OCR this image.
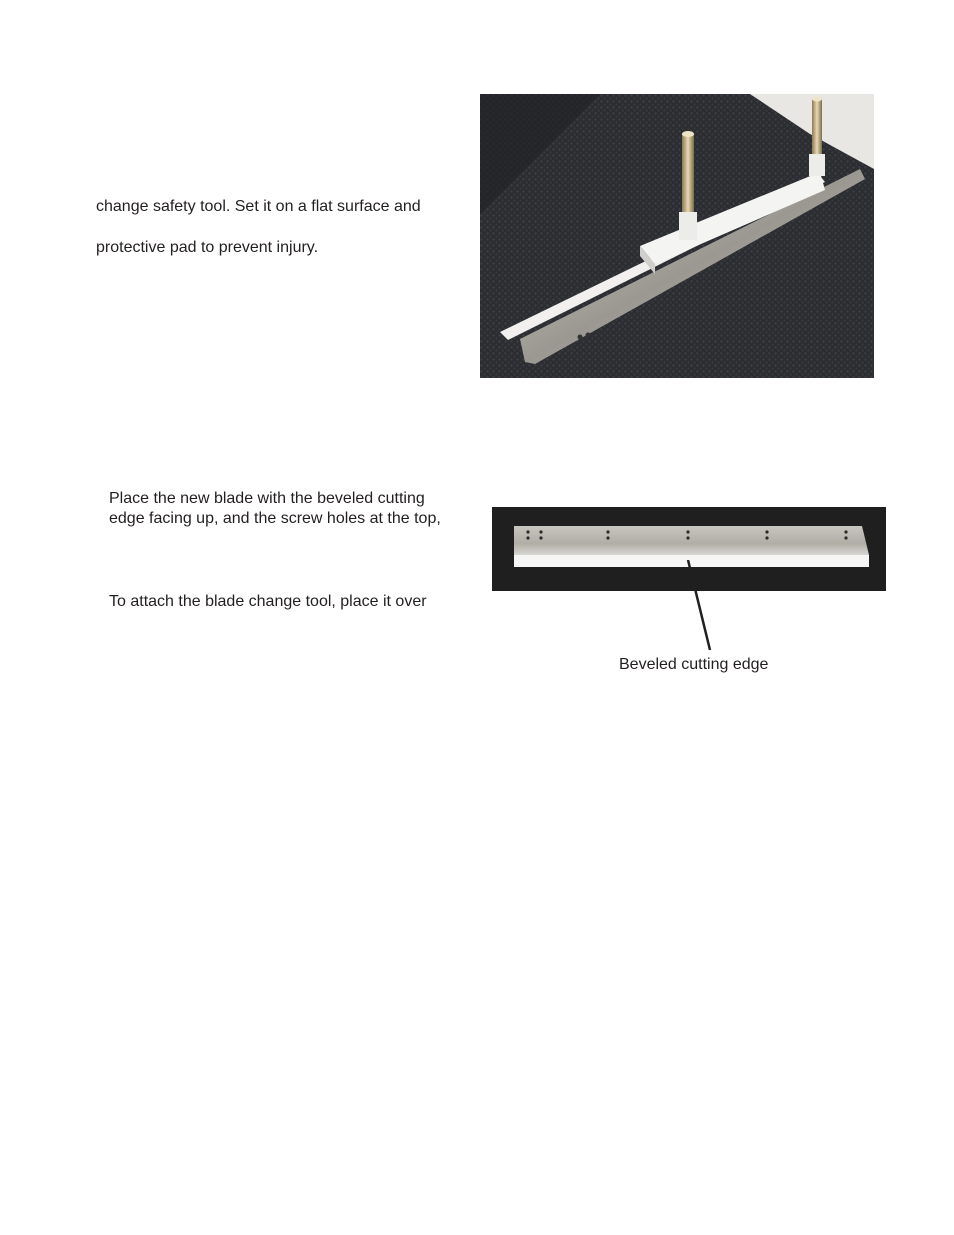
change safety tool. Set it on a flat surface and
protective pad to prevent injury.
Place the new blade with the beveled cutting
edge facing up, and the screw holes at the top,
To attach the blade change tool, place it over
Beveled cutting edge
